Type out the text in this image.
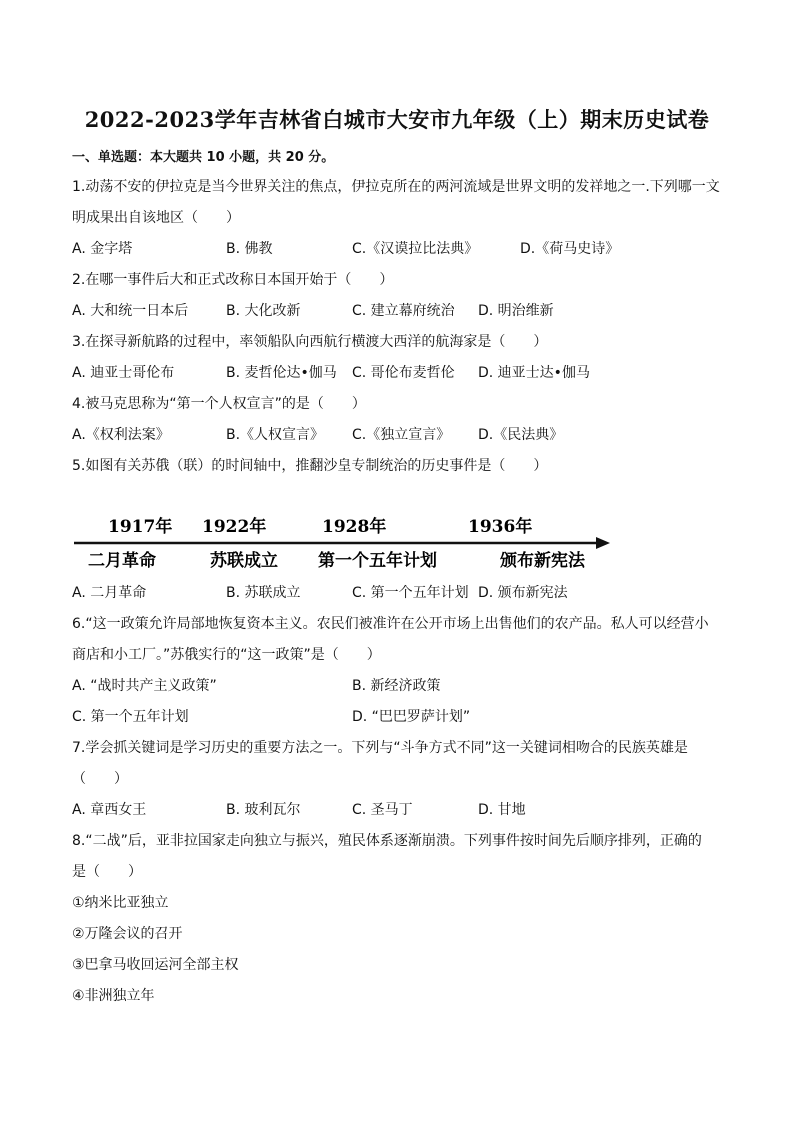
2022-2023学年吉林省白城市大安市九年级（上）期末历史试卷
一、单选题：本大题共 10 小题，共 20 分。
1.动荡不安的伊拉克是当今世界关注的焦点，伊拉克所在的两河流域是世界文明的发祥地之一.下列哪一文
明成果出自该地区（　　）
A. 金字塔	B. 佛教	C.《汉谟拉比法典》	D.《荷马史诗》
2.在哪一事件后大和正式改称日本国开始于（　　）
A. 大和统一日本后	B. 大化改新	C. 建立幕府统治 D. 明治维新
3.在探寻新航路的过程中，率领船队向西航行横渡大西洋的航海家是（　　）
A. 迪亚士哥伦布	B. 麦哲伦达•伽马 C. 哥伦布麦哲伦 D. 迪亚士达•伽马
4.被马克思称为“第一个人权宣言”的是（　　）
A.《权利法案》	B.《人权宣言》 C.《独立宣言》 D.《民法典》
5.如图有关苏俄（联）的时间轴中，推翻沙皇专制统治的历史事件是（　　）
1917年 1922年	1928年	1936年
二月革命	苏联成立 第一个五年计划	颁布新宪法
A. 二月革命	B. 苏联成立	C. 第一个五年计划 D. 颁布新宪法
6.“这一政策允许局部地恢复资本主义。农民们被准许在公开市场上出售他们的农产品。私人可以经营小
商店和小工厂。”苏俄实行的“这一政策”是（　　）
A. “战时共产主义政策”	B. 新经济政策
C. 第一个五年计划	D. “巴巴罗萨计划”
7.学会抓关键词是学习历史的重要方法之一。下列与“斗争方式不同”这一关键词相吻合的民族英雄是
（　　）
A. 章西女王	B. 玻利瓦尔	C. 圣马丁	D. 甘地
8.“二战”后，亚非拉国家走向独立与振兴，殖民体系逐渐崩溃。下列事件按时间先后顺序排列，正确的
是（　　）
①纳米比亚独立
②万隆会议的召开
③巴拿马收回运河全部主权
④非洲独立年
